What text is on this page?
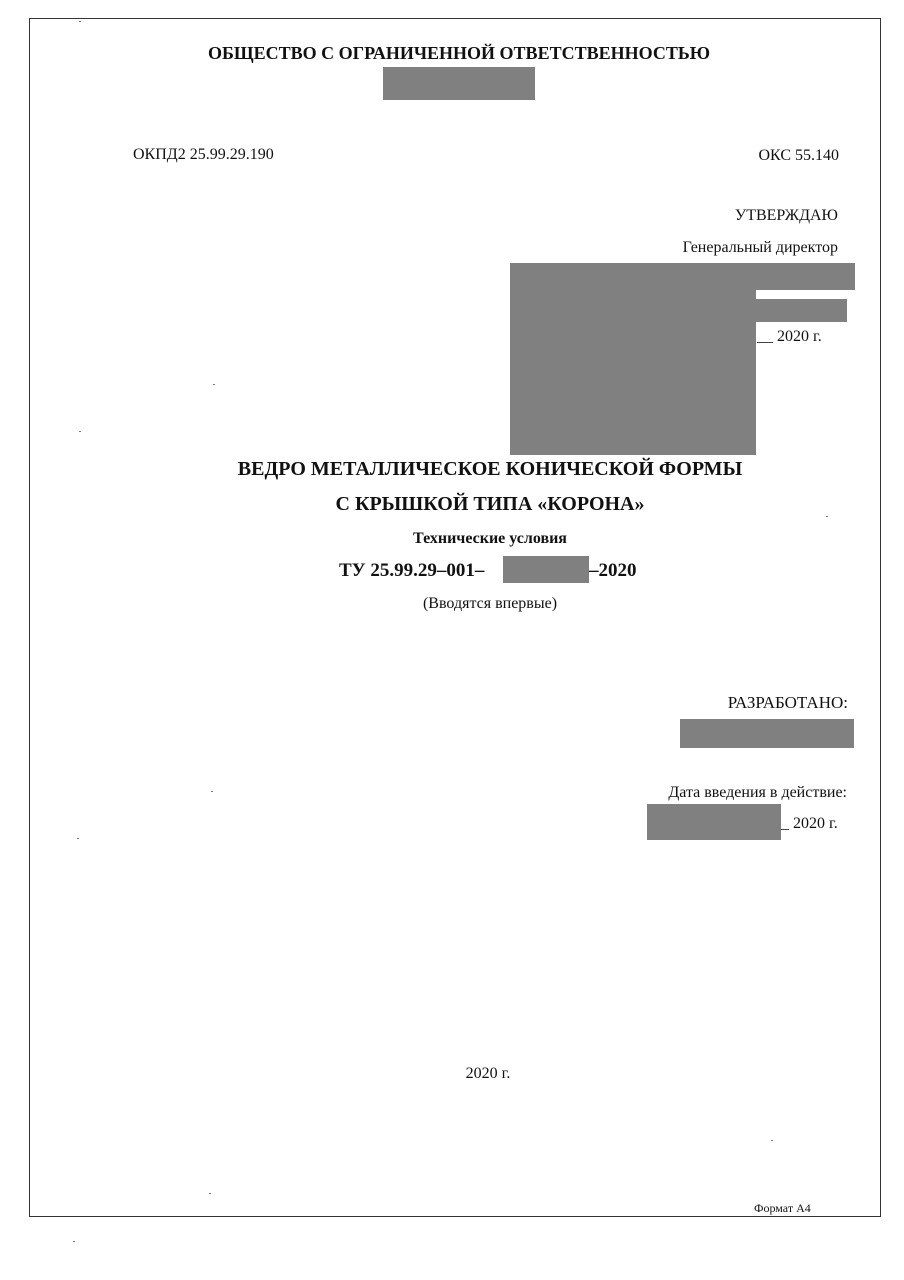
ОБЩЕСТВО С ОГРАНИЧЕННОЙ ОТВЕТСТВЕННОСТЬЮ
ОКПД2 25.99.29.190	ОКС 55.140
УТВЕРЖДАЮ
Генеральный директор
__ 2020 г.
ВЕДРО МЕТАЛЛИЧЕСКОЕ КОНИЧЕСКОЙ ФОРМЫ
С КРЫШКОЙ ТИПА «КОРОНА»
Технические условия
ТУ 25.99.29–001–	–2020
(Вводятся впервые)
РАЗРАБОТАНО:
Дата введения в действие:
_ 2020 г.
2020 г.
Формат А4
